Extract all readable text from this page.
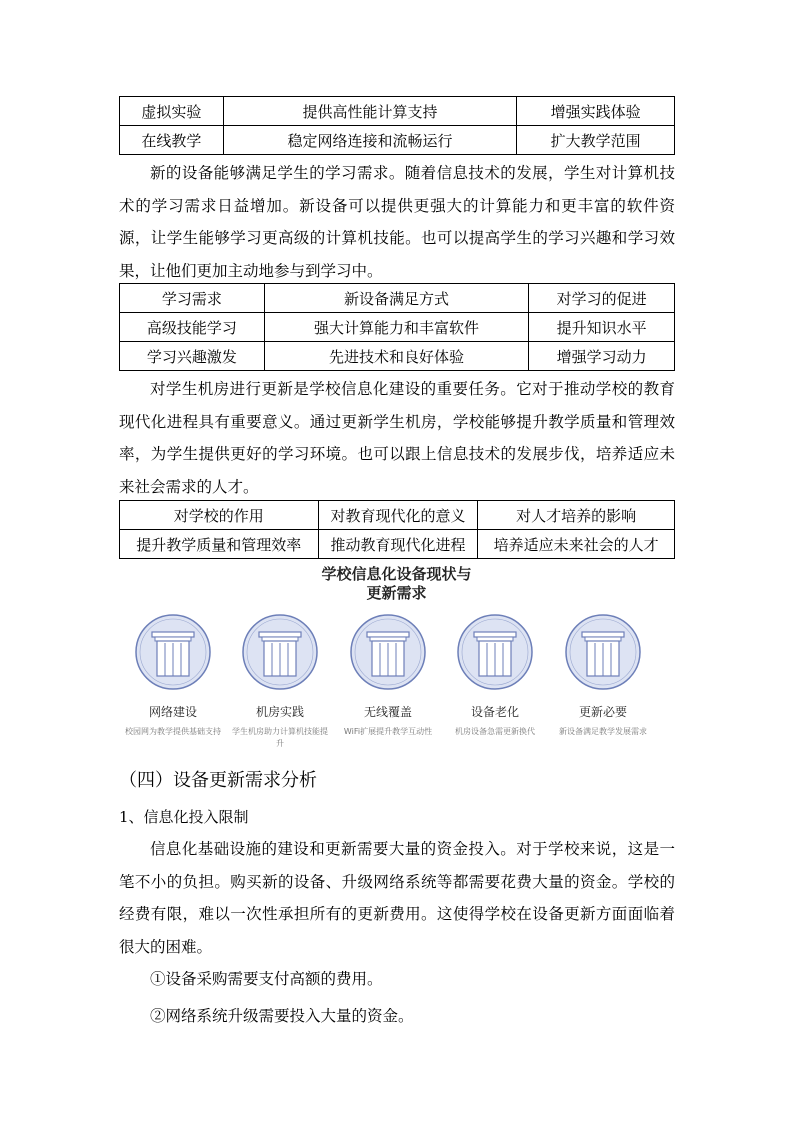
虚拟实验	提供高性能计算支持	增强实践体验
在线教学	稳定网络连接和流畅运行	扩大教学范围

新的设备能够满足学生的学习需求。随着信息技术的发展，学生对计算机技术的学习需求日益增加。新设备可以提供更强大的计算能力和更丰富的软件资源，让学生能够学习更高级的计算机技能。也可以提高学生的学习兴趣和学习效果，让他们更加主动地参与到学习中。

学习需求	新设备满足方式	对学习的促进
高级技能学习	强大计算能力和丰富软件	提升知识水平
学习兴趣激发	先进技术和良好体验	增强学习动力

对学生机房进行更新是学校信息化建设的重要任务。它对于推动学校的教育现代化进程具有重要意义。通过更新学生机房，学校能够提升教学质量和管理效率，为学生提供更好的学习环境。也可以跟上信息技术的发展步伐，培养适应未来社会需求的人才。

对学校的作用	对教育现代化的意义	对人才培养的影响
提升教学质量和管理效率	推动教育现代化进程	培养适应未来社会的人才
学校信息化设备现状与
更新需求
网络建设
校园网为教学提供基础支持
机房实践
学生机房助力计算机技能提升
无线覆盖
WiFi扩展提升教学互动性
设备老化
机房设备急需更新换代
更新必要
新设备满足教学发展需求
（四）设备更新需求分析
1、信息化投入限制

信息化基础设施的建设和更新需要大量的资金投入。对于学校来说，这是一笔不小的负担。购买新的设备、升级网络系统等都需要花费大量的资金。学校的经费有限，难以一次性承担所有的更新费用。这使得学校在设备更新方面面临着很大的困难。

①设备采购需要支付高额的费用。

②网络系统升级需要投入大量的资金。
